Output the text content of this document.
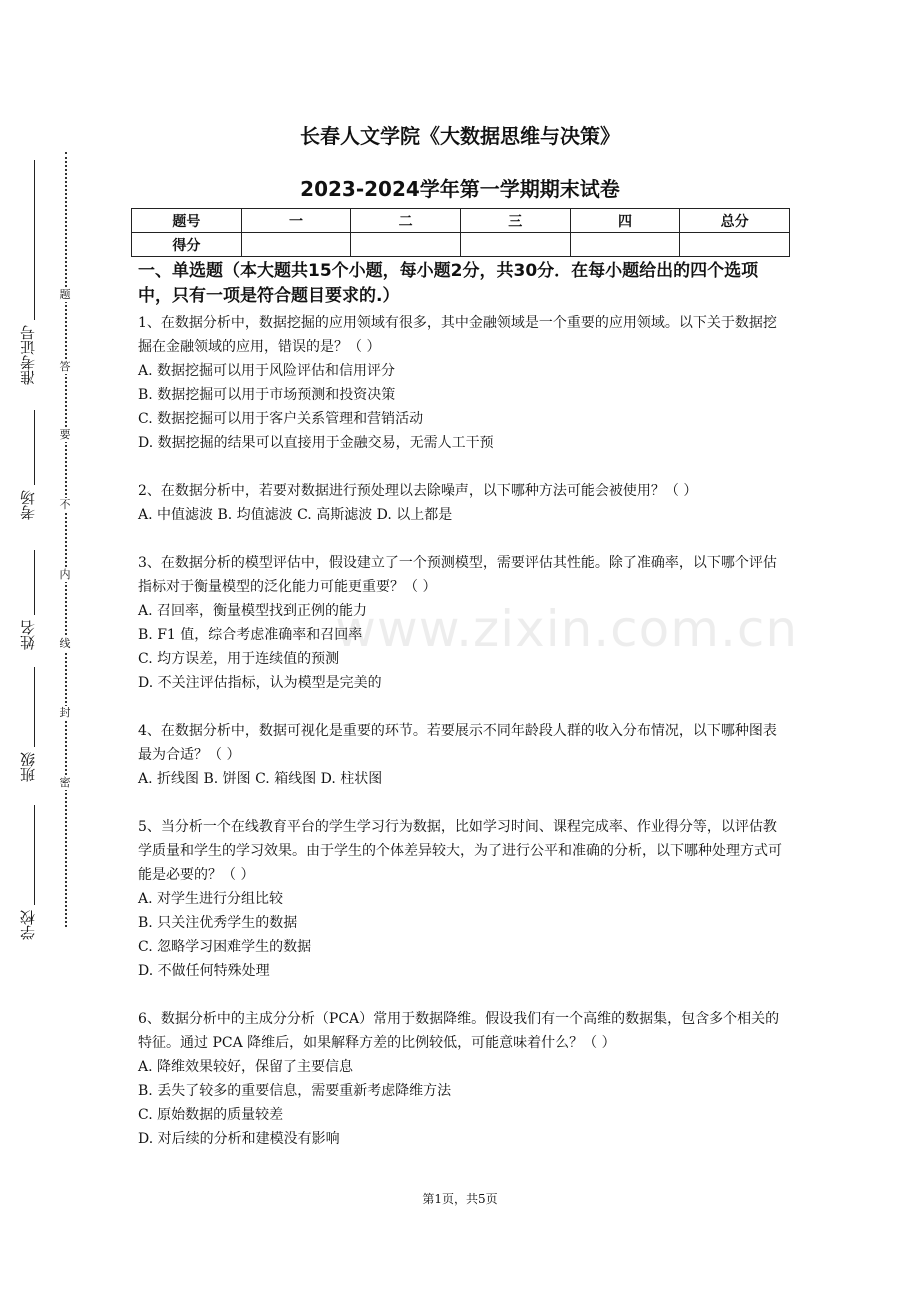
题
答
要
不
内
线
封
密
准考证号
考场
姓名
班级
学校
长春人文学院《大数据思维与决策》
2023-2024学年第一学期期末试卷
题号	一	二	三	四	总分
得分					
www.zixin.com.cn
一、单选题（本大题共15个小题，每小题2分，共30分．在每小题给出的四个选项中，只有一项是符合题目要求的.）
1、在数据分析中，数据挖掘的应用领域有很多，其中金融领域是一个重要的应用领域。以下关于数据挖掘在金融领域的应用，错误的是？（ ）
A. 数据挖掘可以用于风险评估和信用评分
B. 数据挖掘可以用于市场预测和投资决策
C. 数据挖掘可以用于客户关系管理和营销活动
D. 数据挖掘的结果可以直接用于金融交易，无需人工干预
2、在数据分析中，若要对数据进行预处理以去除噪声，以下哪种方法可能会被使用？（ ）
A. 中值滤波 B. 均值滤波 C. 高斯滤波 D. 以上都是
3、在数据分析的模型评估中，假设建立了一个预测模型，需要评估其性能。除了准确率，以下哪个评估指标对于衡量模型的泛化能力可能更重要？（ ）
A. 召回率，衡量模型找到正例的能力
B. F1 值，综合考虑准确率和召回率
C. 均方误差，用于连续值的预测
D. 不关注评估指标，认为模型是完美的
4、在数据分析中，数据可视化是重要的环节。若要展示不同年龄段人群的收入分布情况，以下哪种图表最为合适？（ ）
A. 折线图 B. 饼图 C. 箱线图 D. 柱状图
5、当分析一个在线教育平台的学生学习行为数据，比如学习时间、课程完成率、作业得分等，以评估教学质量和学生的学习效果。由于学生的个体差异较大，为了进行公平和准确的分析，以下哪种处理方式可能是必要的？（ ）
A. 对学生进行分组比较
B. 只关注优秀学生的数据
C. 忽略学习困难学生的数据
D. 不做任何特殊处理
6、数据分析中的主成分分析（PCA）常用于数据降维。假设我们有一个高维的数据集，包含多个相关的特征。通过 PCA 降维后，如果解释方差的比例较低，可能意味着什么？（ ）
A. 降维效果较好，保留了主要信息
B. 丢失了较多的重要信息，需要重新考虑降维方法
C. 原始数据的质量较差
D. 对后续的分析和建模没有影响
第1页，共5页
